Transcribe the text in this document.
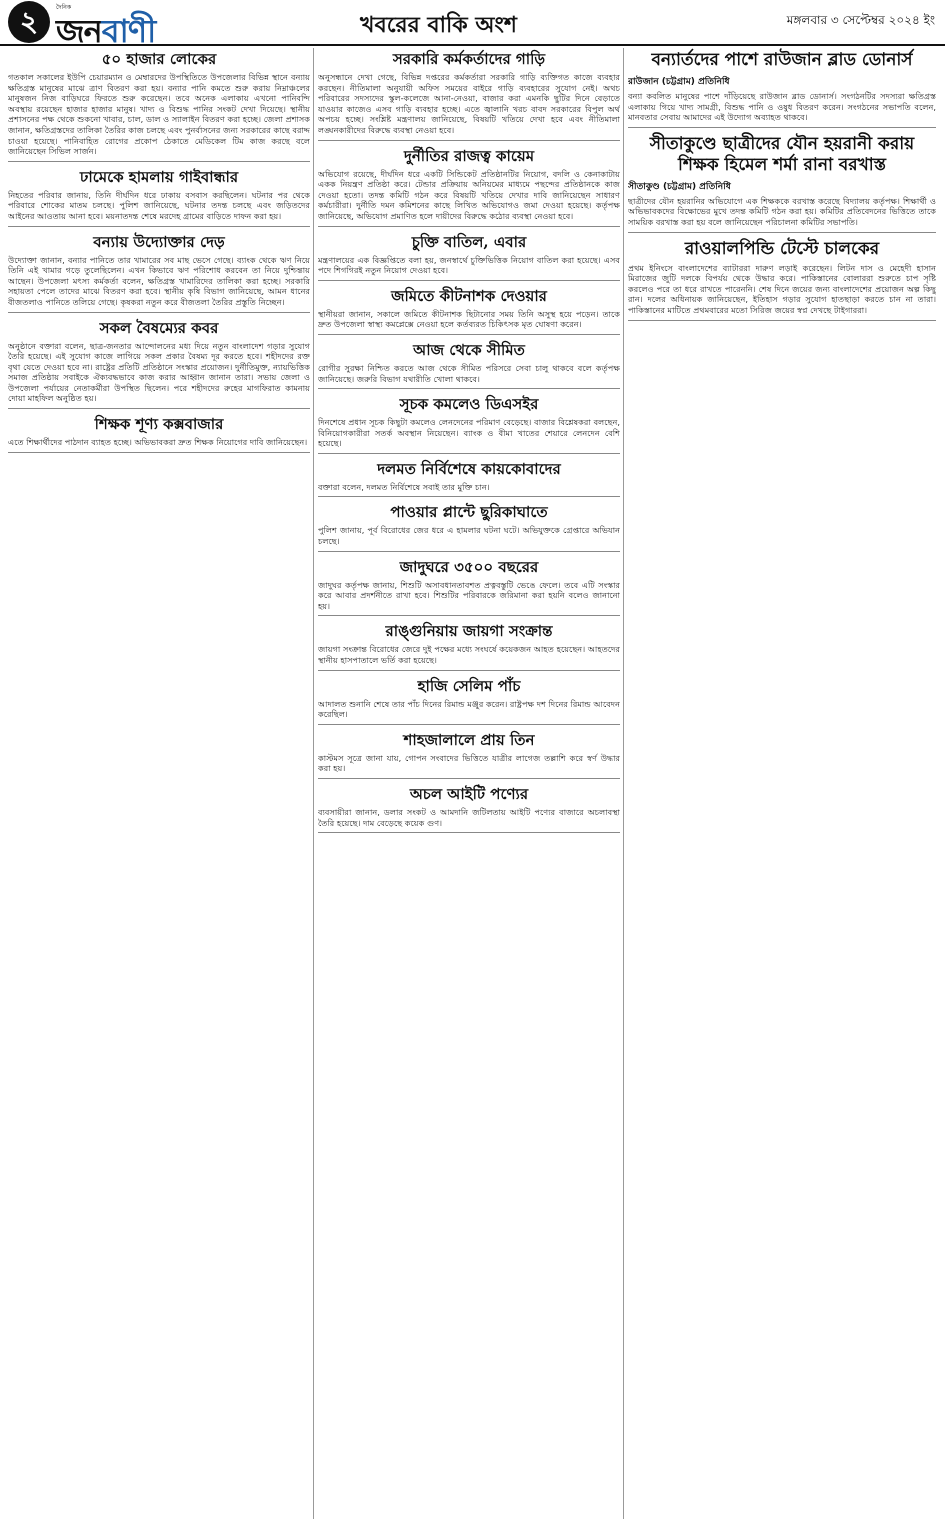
২	দৈনিক
জনবাণী	খবরের বাকি অংশ	মঙ্গলবার ৩ সেপ্টেম্বর ২০২৪ ইং
৫০ হাজার লোকের

গতকাল সকালের ইউপি চেয়ারম্যান ও মেম্বারদের উপস্থিতিতে উপজেলার বিভিন্ন স্থানে বন্যায় ক্ষতিগ্রস্ত মানুষের মাঝে ত্রাণ বিতরণ করা হয়। বন্যার পানি কমতে শুরু করায় নিম্নাঞ্চলের মানুষজন নিজ বাড়িঘরে ফিরতে শুরু করেছেন। তবে অনেক এলাকায় এখনো পানিবন্দি অবস্থায় রয়েছেন হাজার হাজার মানুষ। খাদ্য ও বিশুদ্ধ পানির সংকট দেখা দিয়েছে। স্থানীয় প্রশাসনের পক্ষ থেকে শুকনো খাবার, চাল, ডাল ও স্যালাইন বিতরণ করা হচ্ছে। জেলা প্রশাসক জানান, ক্ষতিগ্রস্তদের তালিকা তৈরির কাজ চলছে এবং পুনর্বাসনের জন্য সরকারের কাছে বরাদ্দ চাওয়া হয়েছে। পানিবাহিত রোগের প্রকোপ ঠেকাতে মেডিকেল টিম কাজ করছে বলে জানিয়েছেন সিভিল সার্জন।

ঢামেকে হামলায় গাইবান্ধার

নিহতের পরিবার জানায়, তিনি দীর্ঘদিন ধরে ঢাকায় বসবাস করছিলেন। ঘটনার পর থেকে পরিবারে শোকের মাতম চলছে। পুলিশ জানিয়েছে, ঘটনার তদন্ত চলছে এবং জড়িতদের আইনের আওতায় আনা হবে। ময়নাতদন্ত শেষে মরদেহ গ্রামের বাড়িতে দাফন করা হয়।

বন্যায় উদ্যোক্তার দেড়

উদ্যোক্তা জানান, বন্যার পানিতে তার খামারের সব মাছ ভেসে গেছে। ব্যাংক থেকে ঋণ নিয়ে তিনি এই খামার গড়ে তুলেছিলেন। এখন কিভাবে ঋণ পরিশোধ করবেন তা নিয়ে দুশ্চিন্তায় আছেন। উপজেলা মৎস্য কর্মকর্তা বলেন, ক্ষতিগ্রস্ত খামারিদের তালিকা করা হচ্ছে। সরকারি সহায়তা পেলে তাদের মাঝে বিতরণ করা হবে। স্থানীয় কৃষি বিভাগ জানিয়েছে, আমন ধানের বীজতলাও পানিতে তলিয়ে গেছে। কৃষকরা নতুন করে বীজতলা তৈরির প্রস্তুতি নিচ্ছেন।

সকল বৈষম্যের কবর

অনুষ্ঠানে বক্তারা বলেন, ছাত্র-জনতার আন্দোলনের মধ্য দিয়ে নতুন বাংলাদেশ গড়ার সুযোগ তৈরি হয়েছে। এই সুযোগ কাজে লাগিয়ে সকল প্রকার বৈষম্য দূর করতে হবে। শহীদদের রক্ত বৃথা যেতে দেওয়া হবে না। রাষ্ট্রের প্রতিটি প্রতিষ্ঠানে সংস্কার প্রয়োজন। দুর্নীতিমুক্ত, ন্যায়ভিত্তিক সমাজ প্রতিষ্ঠায় সবাইকে ঐক্যবদ্ধভাবে কাজ করার আহ্বান জানান তারা। সভায় জেলা ও উপজেলা পর্যায়ের নেতাকর্মীরা উপস্থিত ছিলেন। পরে শহীদদের রুহের মাগফিরাত কামনায় দোয়া মাহফিল অনুষ্ঠিত হয়।

শিক্ষক শূণ্য কক্সবাজার

এতে শিক্ষার্থীদের পাঠদান ব্যাহত হচ্ছে। অভিভাবকরা দ্রুত শিক্ষক নিয়োগের দাবি জানিয়েছেন।

সরকারি কর্মকর্তাদের গাড়ি

অনুসন্ধানে দেখা গেছে, বিভিন্ন দপ্তরের কর্মকর্তারা সরকারি গাড়ি ব্যক্তিগত কাজে ব্যবহার করছেন। নীতিমালা অনুযায়ী অফিস সময়ের বাইরে গাড়ি ব্যবহারের সুযোগ নেই। অথচ পরিবারের সদস্যদের স্কুল-কলেজে আনা-নেওয়া, বাজার করা এমনকি ছুটির দিনে বেড়াতে যাওয়ার কাজেও এসব গাড়ি ব্যবহার হচ্ছে। এতে জ্বালানি খরচ বাবদ সরকারের বিপুল অর্থ অপচয় হচ্ছে। সংশ্লিষ্ট মন্ত্রণালয় জানিয়েছে, বিষয়টি খতিয়ে দেখা হবে এবং নীতিমালা লঙ্ঘনকারীদের বিরুদ্ধে ব্যবস্থা নেওয়া হবে।

দুর্নীতির রাজত্ব কায়েম

অভিযোগ রয়েছে, দীর্ঘদিন ধরে একটি সিন্ডিকেট প্রতিষ্ঠানটির নিয়োগ, বদলি ও কেনাকাটায় একক নিয়ন্ত্রণ প্রতিষ্ঠা করে। টেন্ডার প্রক্রিয়ায় অনিয়মের মাধ্যমে পছন্দের প্রতিষ্ঠানকে কাজ দেওয়া হতো। তদন্ত কমিটি গঠন করে বিষয়টি খতিয়ে দেখার দাবি জানিয়েছেন সাধারণ কর্মচারীরা। দুর্নীতি দমন কমিশনের কাছে লিখিত অভিযোগও জমা দেওয়া হয়েছে। কর্তৃপক্ষ জানিয়েছে, অভিযোগ প্রমাণিত হলে দায়ীদের বিরুদ্ধে কঠোর ব্যবস্থা নেওয়া হবে।

চুক্তি বাতিল, এবার

মন্ত্রণালয়ের এক বিজ্ঞপ্তিতে বলা হয়, জনস্বার্থে চুক্তিভিত্তিক নিয়োগ বাতিল করা হয়েছে। এসব পদে শিগগিরই নতুন নিয়োগ দেওয়া হবে।

জমিতে কীটনাশক দেওয়ার

স্থানীয়রা জানান, সকালে জমিতে কীটনাশক ছিটানোর সময় তিনি অসুস্থ হয়ে পড়েন। তাকে দ্রুত উপজেলা স্বাস্থ্য কমপ্লেক্সে নেওয়া হলে কর্তব্যরত চিকিৎসক মৃত ঘোষণা করেন।

আজ থেকে সীমিত

রোগীর সুরক্ষা নিশ্চিত করতে আজ থেকে সীমিত পরিসরে সেবা চালু থাকবে বলে কর্তৃপক্ষ জানিয়েছে। জরুরি বিভাগ যথারীতি খোলা থাকবে।

সূচক কমলেও ডিএসইর

দিনশেষে প্রধান সূচক কিছুটা কমলেও লেনদেনের পরিমাণ বেড়েছে। বাজার বিশ্লেষকরা বলছেন, বিনিয়োগকারীরা সতর্ক অবস্থান নিয়েছেন। ব্যাংক ও বীমা খাতের শেয়ারে লেনদেন বেশি হয়েছে।

দলমত নির্বিশেষে কায়কোবাদের

বক্তারা বলেন, দলমত নির্বিশেষে সবাই তার মুক্তি চান।

পাওয়ার প্লান্টে ছুরিকাঘাতে

পুলিশ জানায়, পূর্ব বিরোধের জের ধরে এ হামলার ঘটনা ঘটে। অভিযুক্তকে গ্রেপ্তারে অভিযান চলছে।

জাদুঘরে ৩৫০০ বছরের

জাদুঘর কর্তৃপক্ষ জানায়, শিশুটি অসাবধানতাবশত প্রত্নবস্তুটি ভেঙে ফেলে। তবে এটি সংস্কার করে আবার প্রদর্শনীতে রাখা হবে। শিশুটির পরিবারকে জরিমানা করা হয়নি বলেও জানানো হয়।

রাঙ্গুনিয়ায় জায়গা সংক্রান্ত

জায়গা সংক্রান্ত বিরোধের জেরে দুই পক্ষের মধ্যে সংঘর্ষে কয়েকজন আহত হয়েছেন। আহতদের স্থানীয় হাসপাতালে ভর্তি করা হয়েছে।

হাজি সেলিম পাঁচ

আদালত শুনানি শেষে তার পাঁচ দিনের রিমান্ড মঞ্জুর করেন। রাষ্ট্রপক্ষ দশ দিনের রিমান্ড আবেদন করেছিল।

শাহজালালে প্রায় তিন

কাস্টমস সূত্রে জানা যায়, গোপন সংবাদের ভিত্তিতে যাত্রীর লাগেজ তল্লাশি করে স্বর্ণ উদ্ধার করা হয়।

অচল আইটি পণ্যের

ব্যবসায়ীরা জানান, ডলার সংকট ও আমদানি জটিলতায় আইটি পণ্যের বাজারে অচলাবস্থা তৈরি হয়েছে। দাম বেড়েছে কয়েক গুণ।

বন্যার্তদের পাশে রাউজান ব্লাড ডোনার্স
রাউজান (চট্টগ্রাম) প্রতিনিধি

বন্যা কবলিত মানুষের পাশে দাঁড়িয়েছে রাউজান ব্লাড ডোনার্স। সংগঠনটির সদস্যরা ক্ষতিগ্রস্ত এলাকায় গিয়ে খাদ্য সামগ্রী, বিশুদ্ধ পানি ও ওষুধ বিতরণ করেন। সংগঠনের সভাপতি বলেন, মানবতার সেবায় আমাদের এই উদ্যোগ অব্যাহত থাকবে।

সীতাকুণ্ডে ছাত্রীদের যৌন হয়রানী করায় শিক্ষক হিমেল শর্মা রানা বরখাস্ত
সীতাকুণ্ড (চট্টগ্রাম) প্রতিনিধি

ছাত্রীদের যৌন হয়রানির অভিযোগে এক শিক্ষককে বরখাস্ত করেছে বিদ্যালয় কর্তৃপক্ষ। শিক্ষার্থী ও অভিভাবকদের বিক্ষোভের মুখে তদন্ত কমিটি গঠন করা হয়। কমিটির প্রতিবেদনের ভিত্তিতে তাকে সাময়িক বরখাস্ত করা হয় বলে জানিয়েছেন পরিচালনা কমিটির সভাপতি।

রাওয়ালপিন্ডি টেস্টে চালকের

প্রথম ইনিংসে বাংলাদেশের ব্যাটাররা দারুণ লড়াই করেছেন। লিটন দাস ও মেহেদী হাসান মিরাজের জুটি দলকে বিপর্যয় থেকে উদ্ধার করে। পাকিস্তানের বোলাররা শুরুতে চাপ সৃষ্টি করলেও পরে তা ধরে রাখতে পারেননি। শেষ দিনে জয়ের জন্য বাংলাদেশের প্রয়োজন অল্প কিছু রান। দলের অধিনায়ক জানিয়েছেন, ইতিহাস গড়ার সুযোগ হাতছাড়া করতে চান না তারা। পাকিস্তানের মাটিতে প্রথমবারের মতো সিরিজ জয়ের স্বপ্ন দেখছে টাইগাররা।
